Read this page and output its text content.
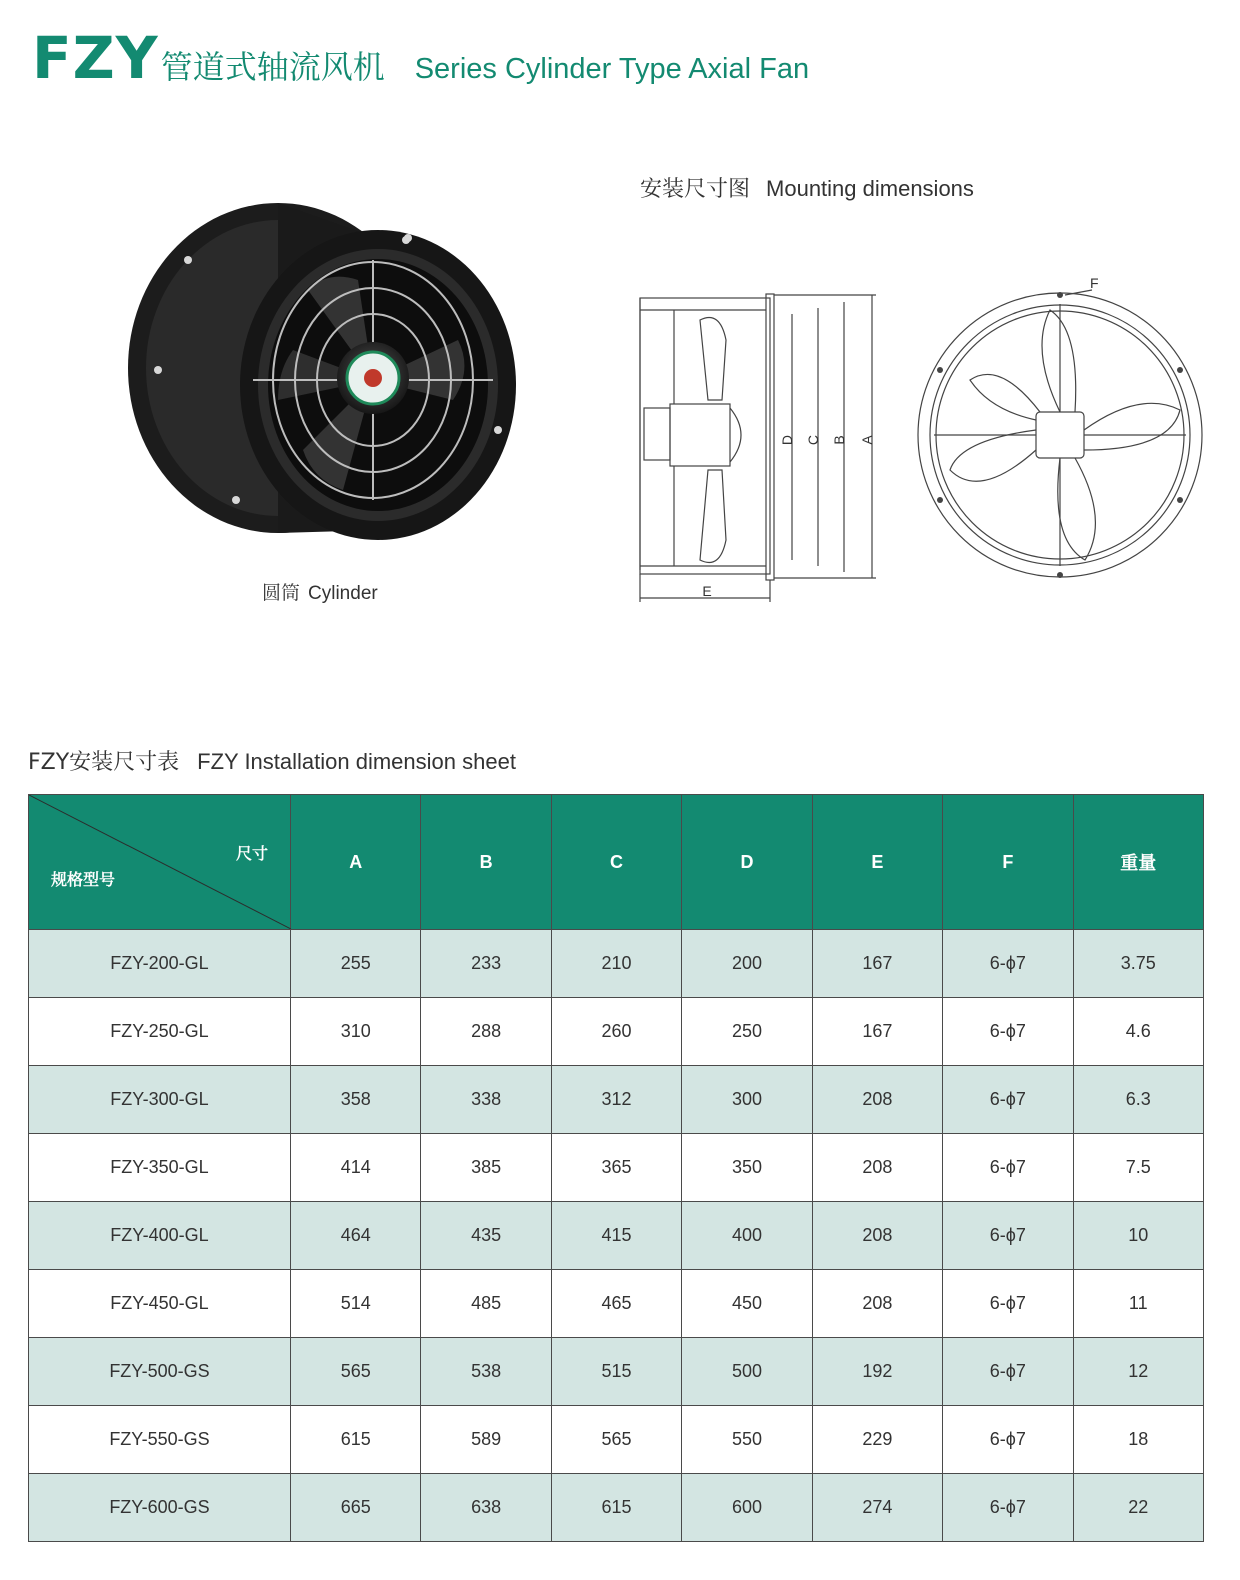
FZY 管道式轴流风机 Series Cylinder Type Axial Fan
圆筒 Cylinder
安装尺寸图 Mounting dimensions
D C B A
E
F
FZY安装尺寸表 FZY Installation dimension sheet
尺寸
规格型号	A	B	C	D	E	F	重量
FZY-200-GL	255	233	210	200	167	6-ϕ7	3.75
FZY-250-GL	310	288	260	250	167	6-ϕ7	4.6
FZY-300-GL	358	338	312	300	208	6-ϕ7	6.3
FZY-350-GL	414	385	365	350	208	6-ϕ7	7.5
FZY-400-GL	464	435	415	400	208	6-ϕ7	10
FZY-450-GL	514	485	465	450	208	6-ϕ7	11
FZY-500-GS	565	538	515	500	192	6-ϕ7	12
FZY-550-GS	615	589	565	550	229	6-ϕ7	18
FZY-600-GS	665	638	615	600	274	6-ϕ7	22
